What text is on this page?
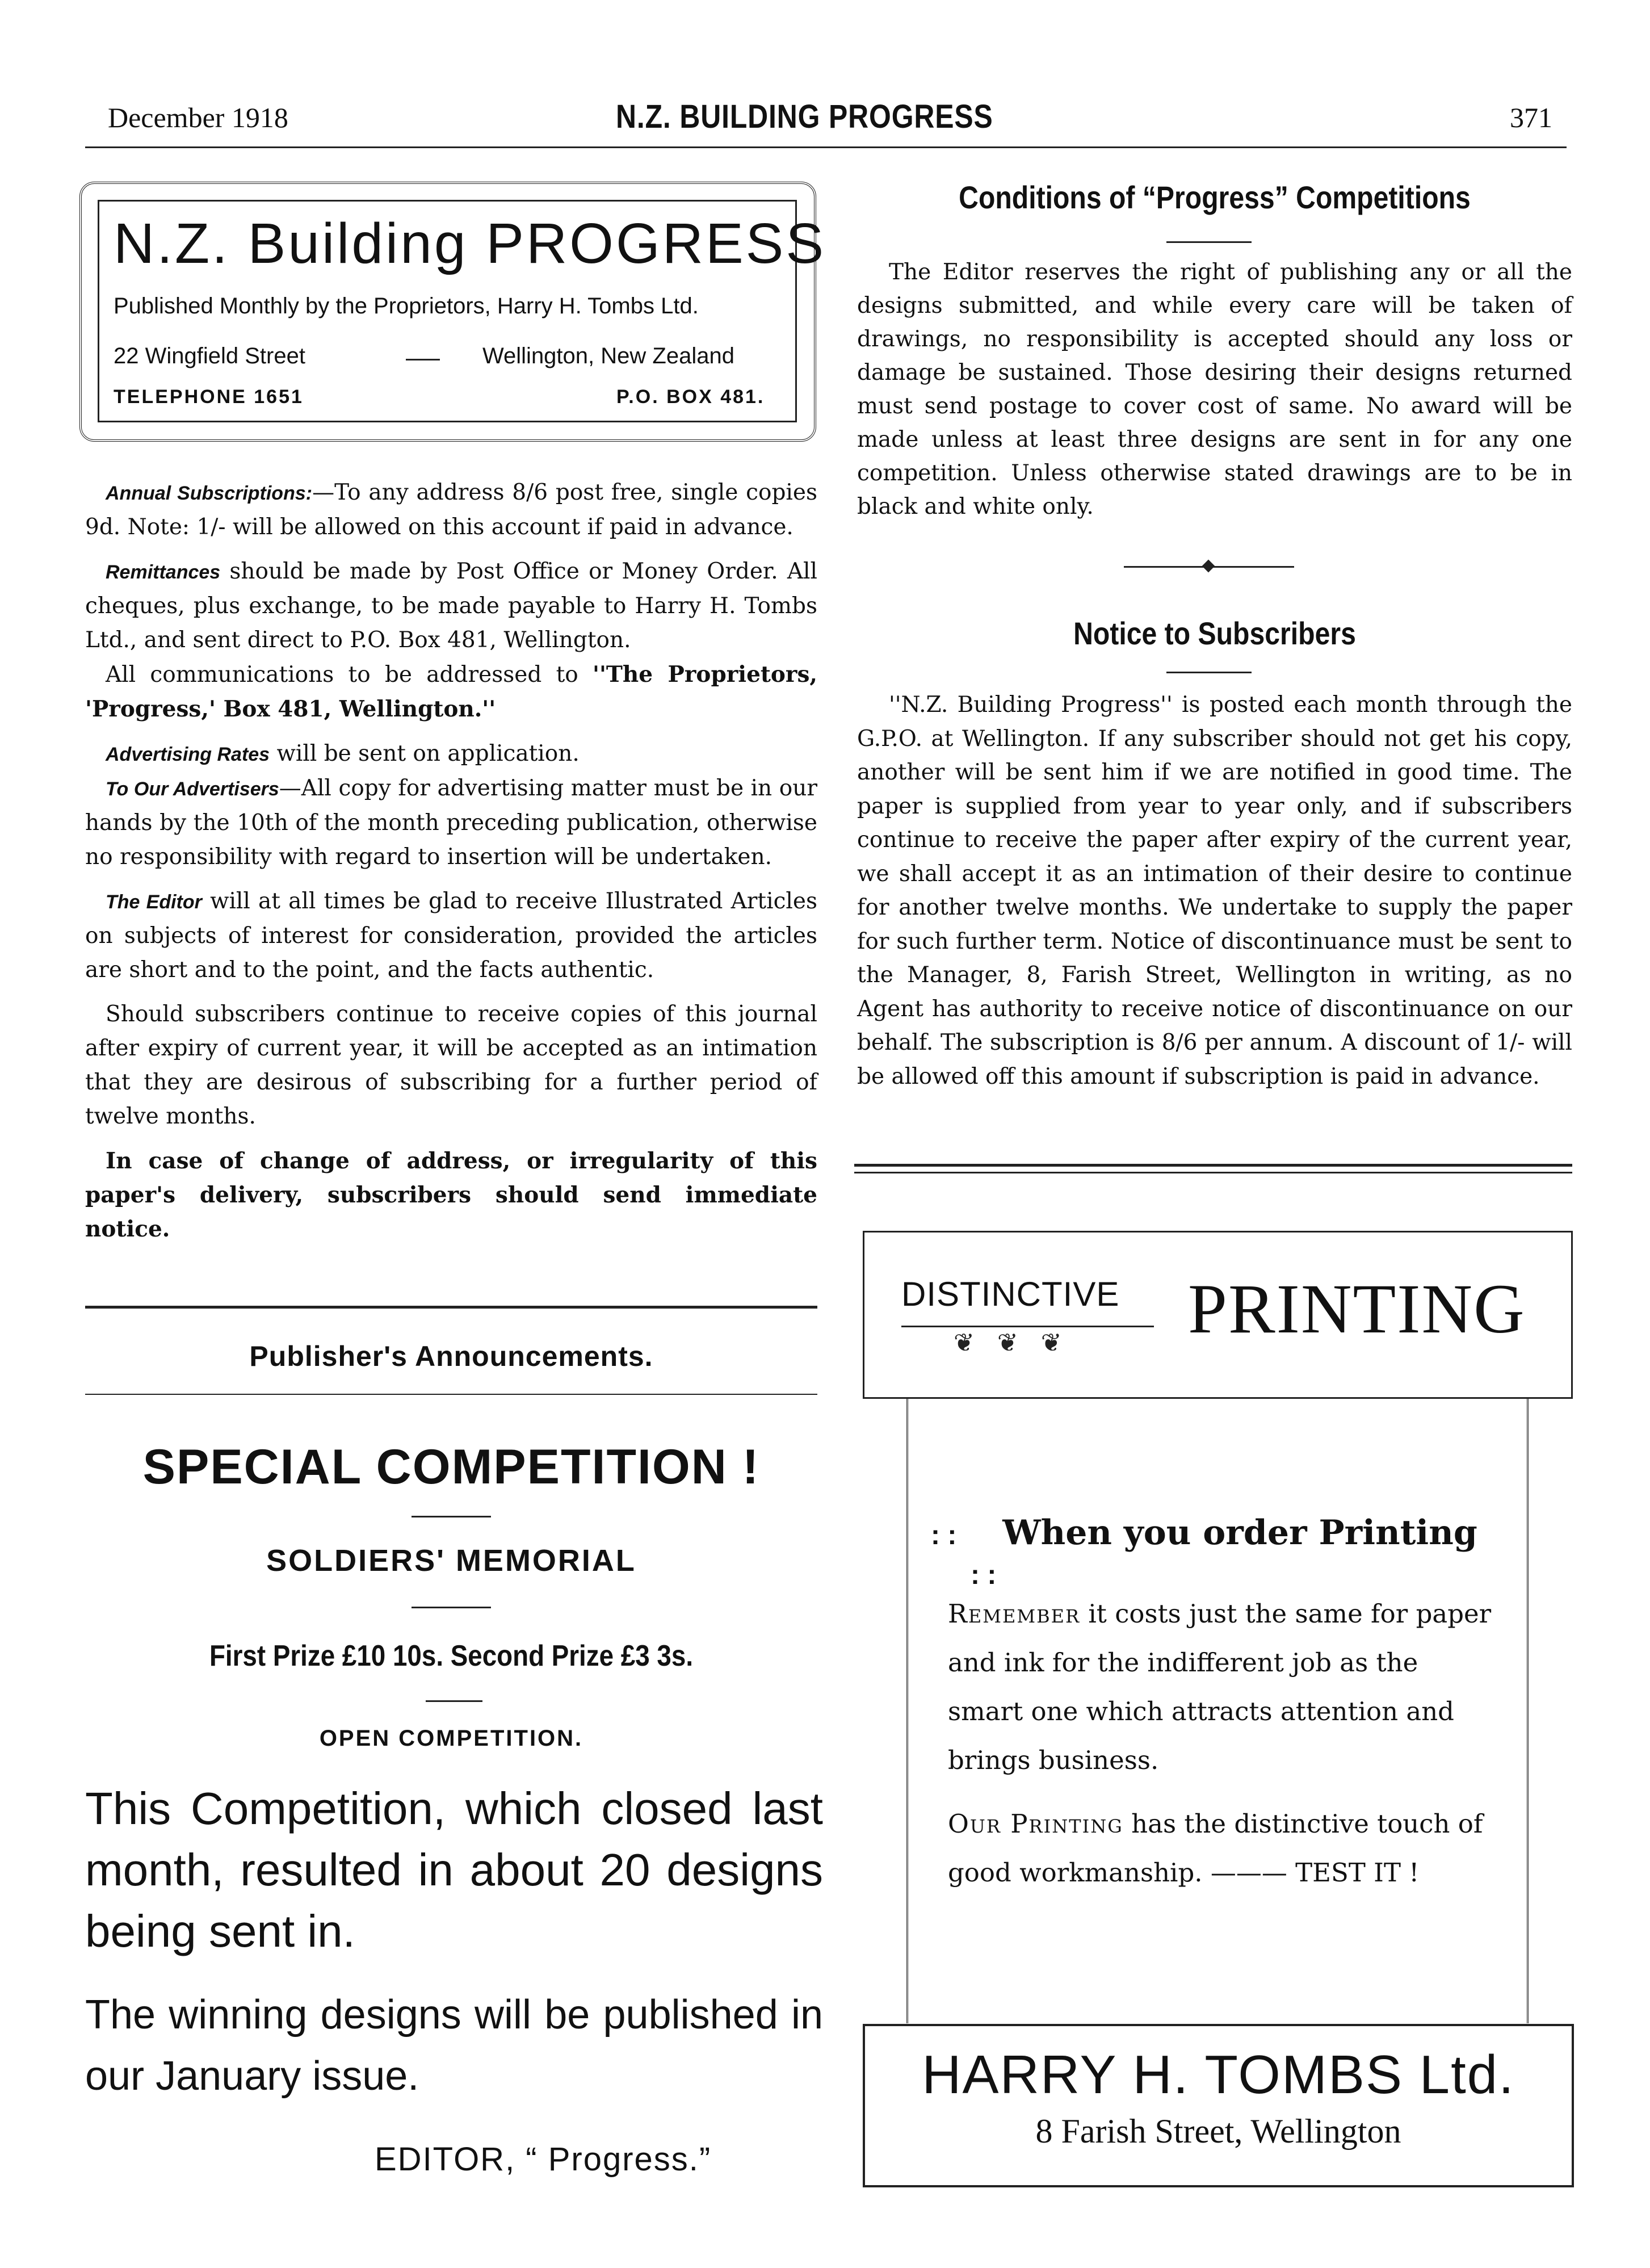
December 1918	N.Z. BUILDING PROGRESS	371
N.Z. Building PROGRESS
Published Monthly by the Proprietors, Harry H. Tombs Ltd.
22 Wingfield Street	Wellington, New Zealand
TELEPHONE 1651	P.O. BOX 481.

Annual Subscriptions:—To any address 8/6 post free, single copies 9d. Note: 1/- will be allowed on this account if paid in advance.

Remittances should be made by Post Office or Money Order. All cheques, plus exchange, to be made payable to Harry H. Tombs Ltd., and sent direct to P.O. Box 481, Wellington.

All communications to be addressed to ''The Proprietors, 'Progress,' Box 481, Wellington.''

Advertising Rates will be sent on application.

To Our Advertisers—All copy for advertising matter must be in our hands by the 10th of the month preceding publication, otherwise no responsibility with regard to insertion will be undertaken.

The Editor will at all times be glad to receive Illustrated Articles on subjects of interest for consideration, provided the articles are short and to the point, and the facts authentic.

Should subscribers continue to receive copies of this journal after expiry of current year, it will be accepted as an intimation that they are desirous of subscribing for a further period of twelve months.

In case of change of address, or irregularity of this paper's delivery, subscribers should send immediate notice.

Publisher's Announcements.
SPECIAL COMPETITION !
SOLDIERS' MEMORIAL
First Prize £10 10s. Second Prize £3 3s.
OPEN COMPETITION.
This Competition, which closed last month, resulted in about 20 designs being sent in.
The winning designs will be published in our January issue.
EDITOR, “ Progress.”
Conditions of “Progress” Competitions

The Editor reserves the right of publishing any or all the designs submitted, and while every care will be taken of drawings, no responsibility is accepted should any loss or damage be sustained. Those desiring their designs returned must send postage to cover cost of same. No award will be made unless at least three designs are sent in for any one competition. Unless otherwise stated drawings are to be in black and white only.

Notice to Subscribers

''N.Z. Building Progress'' is posted each month through the G.P.O. at Wellington. If any subscriber should not get his copy, another will be sent him if we are notified in good time. The paper is supplied from year to year only, and if subscribers continue to receive the paper after expiry of the current year, we shall accept it as an intimation of their desire to continue for another twelve months. We undertake to supply the paper for such further term. Notice of discontinuance must be sent to the Manager, 8, Farish Street, Wellington in writing, as no Agent has authority to receive notice of discontinuance on our behalf. The subscription is 8/6 per annum. A discount of 1/- will be allowed off this amount if subscription is paid in advance.

DISTINCTIVE
❦❦❦ PRINTING
: : When you order Printing : :

Remember it costs just the same for paper and ink for the indifferent job as the smart one which attracts attention and brings business.

Our Printing has the distinctive touch of good workmanship. ——— TEST IT !

HARRY H. TOMBS Ltd.
8 Farish Street, Wellington
